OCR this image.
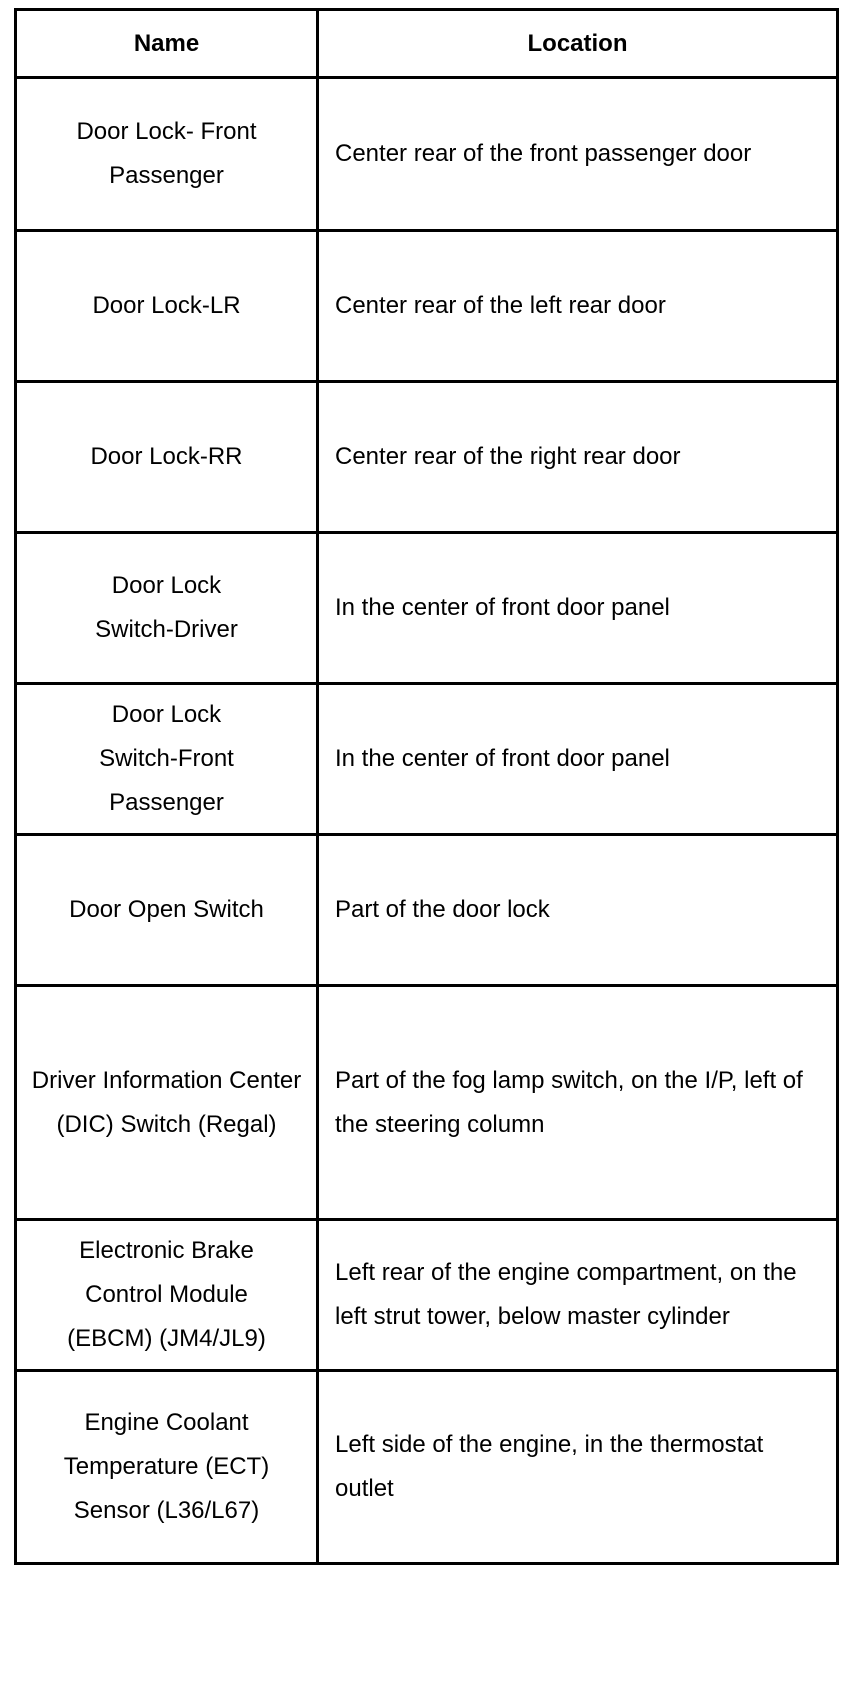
Name	Location
Door Lock- Front Passenger	Center rear of the front passenger door
Door Lock-LR	Center rear of the left rear door
Door Lock-RR	Center rear of the right rear door
Door Lock Switch-Driver	In the center of front door panel
Door Lock Switch-Front Passenger	In the center of front door panel
Door Open Switch	Part of the door lock
Driver Information Center (DIC) Switch (Regal)	Part of the fog lamp switch, on the I/P, left of the steering column
Electronic Brake Control Module (EBCM) (JM4/JL9)	Left rear of the engine compartment, on the left strut tower, below master cylinder
Engine Coolant Temperature (ECT) Sensor (L36/L67)	Left side of the engine, in the thermostat outlet
